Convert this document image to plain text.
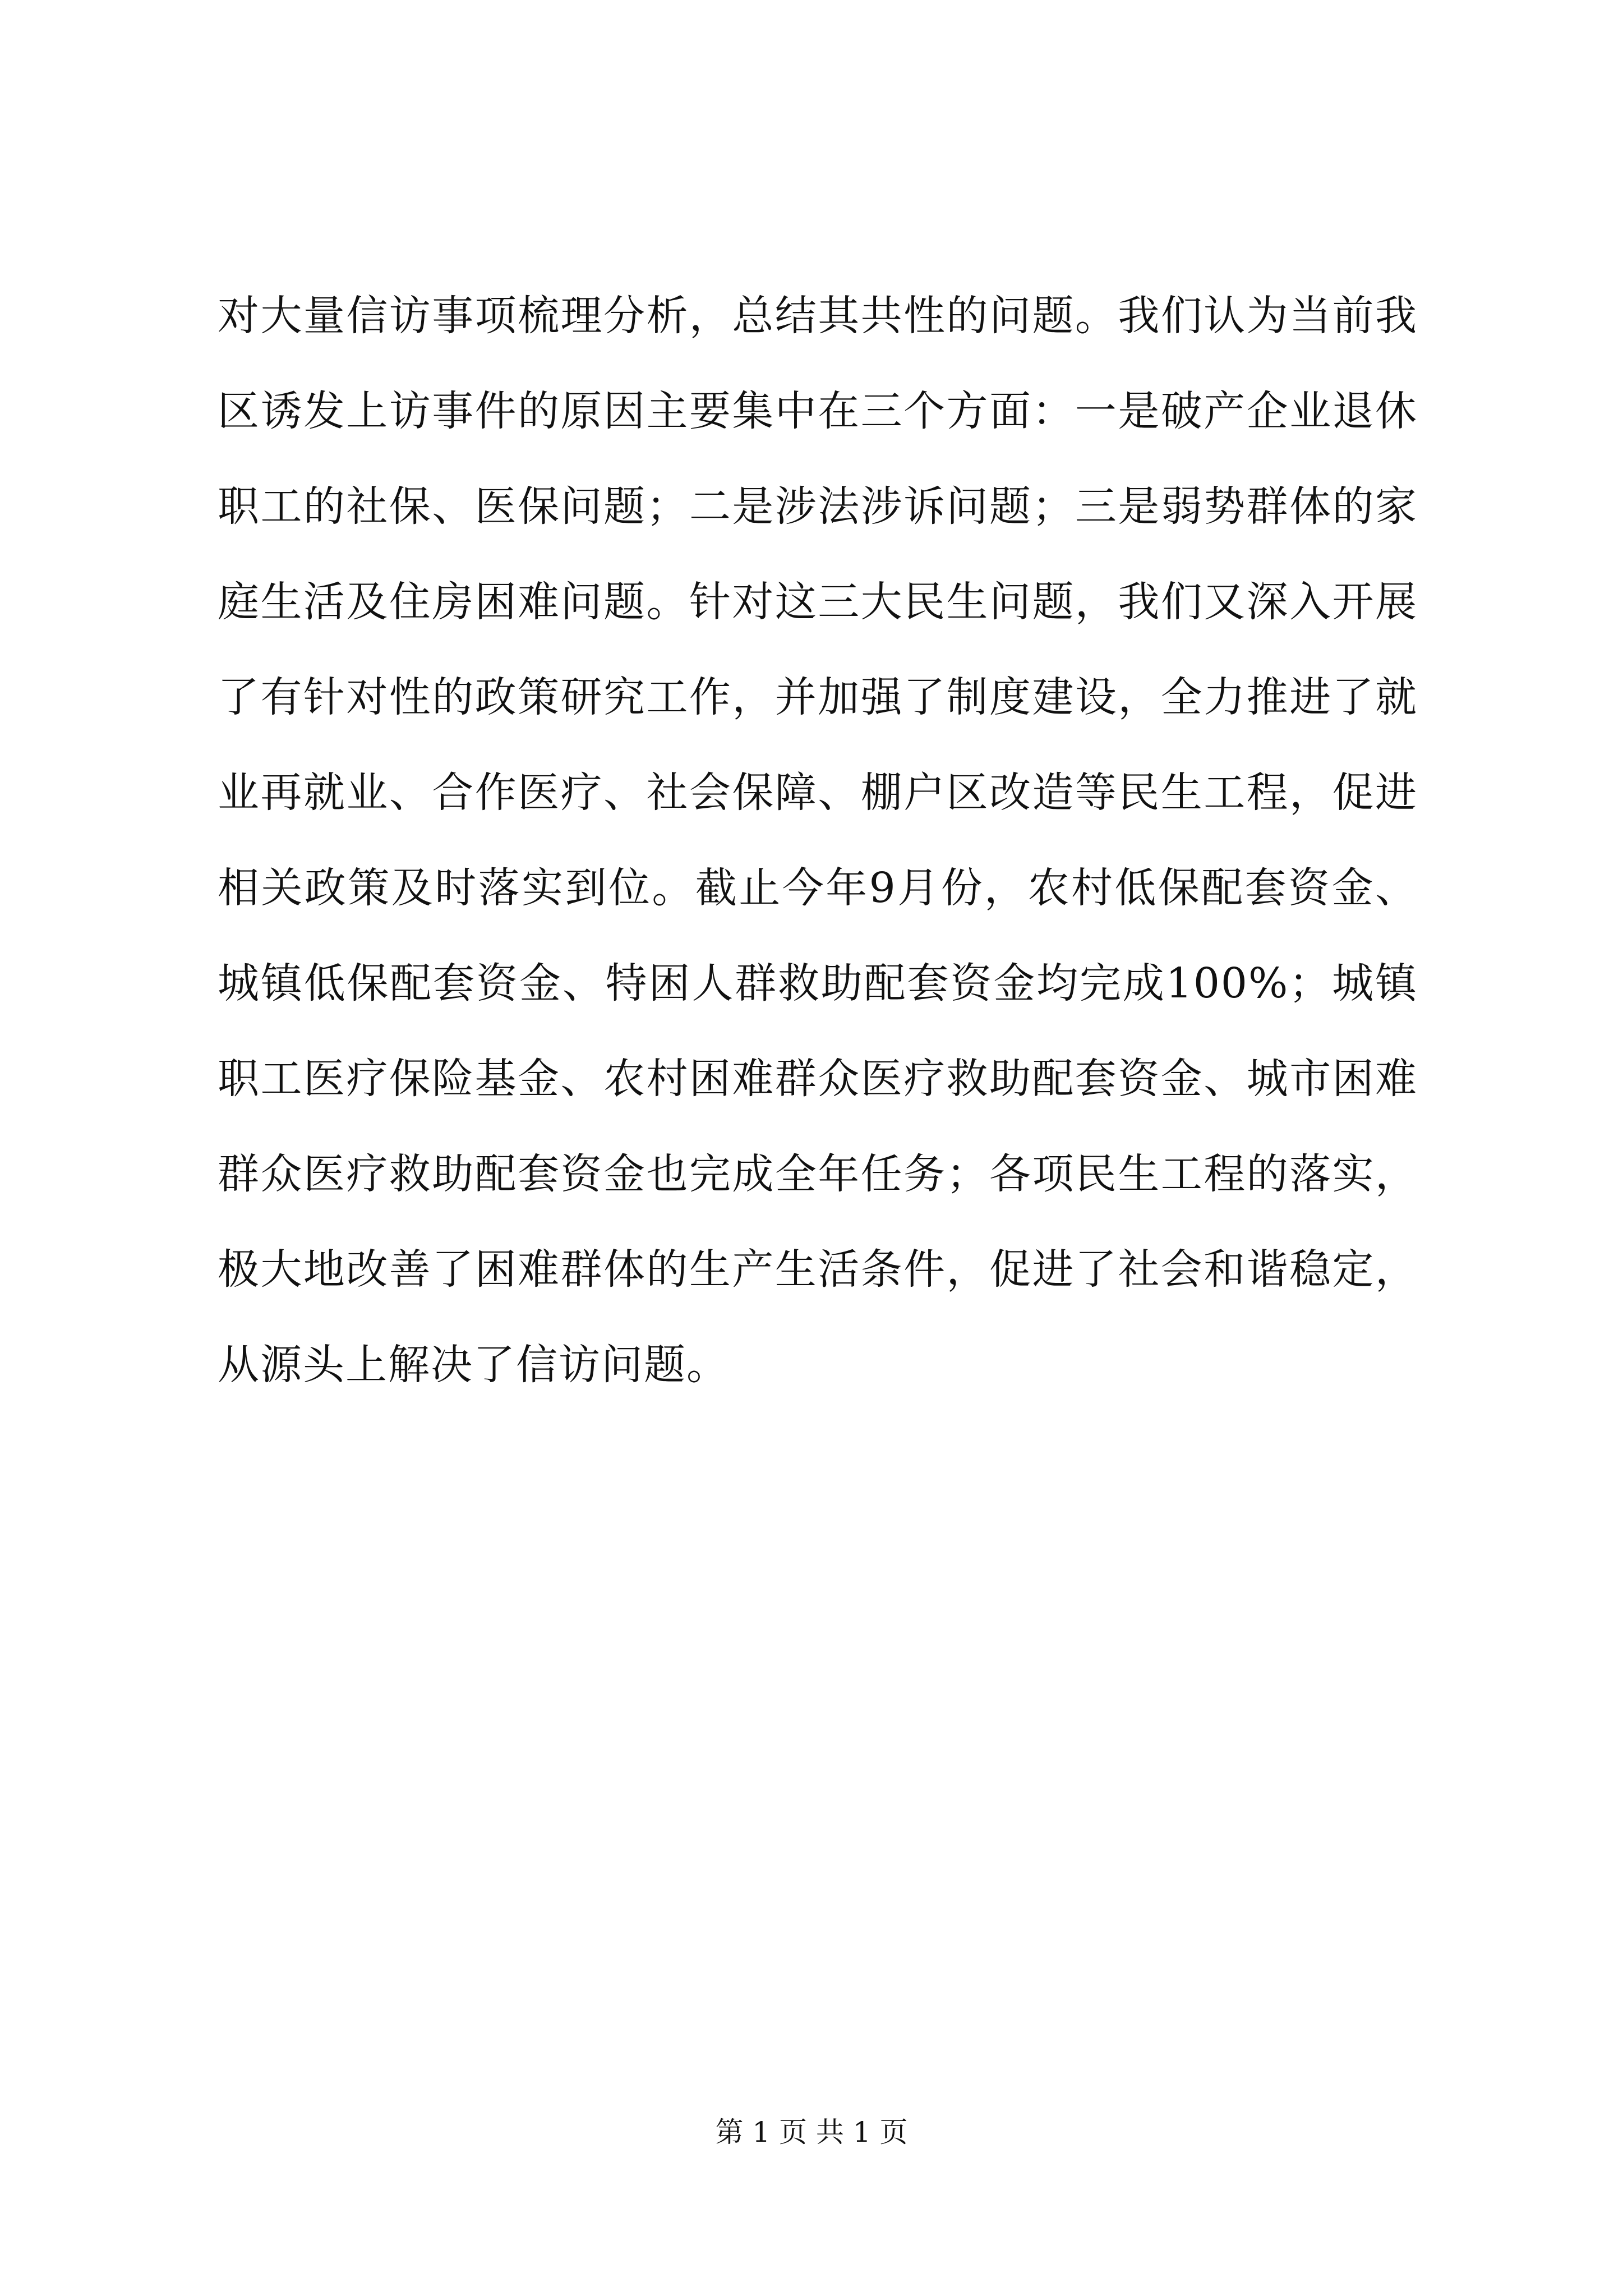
对大量信访事项梳理分析，总结其共性的问题。我们认为当前我
区诱发上访事件的原因主要集中在三个方面：一是破产企业退休
职工的社保、医保问题；二是涉法涉诉问题；三是弱势群体的家
庭生活及住房困难问题。针对这三大民生问题，我们又深入开展
了有针对性的政策研究工作，并加强了制度建设，全力推进了就
业再就业、合作医疗、社会保障、棚户区改造等民生工程，促进
相关政策及时落实到位。截止今年9月份，农村低保配套资金、
城镇低保配套资金、特困人群救助配套资金均完成100%；城镇
职工医疗保险基金、农村困难群众医疗救助配套资金、城市困难
群众医疗救助配套资金也完成全年任务；各项民生工程的落实，
极大地改善了困难群体的生产生活条件，促进了社会和谐稳定，
从源头上解决了信访问题。
第 1 页 共 1 页
